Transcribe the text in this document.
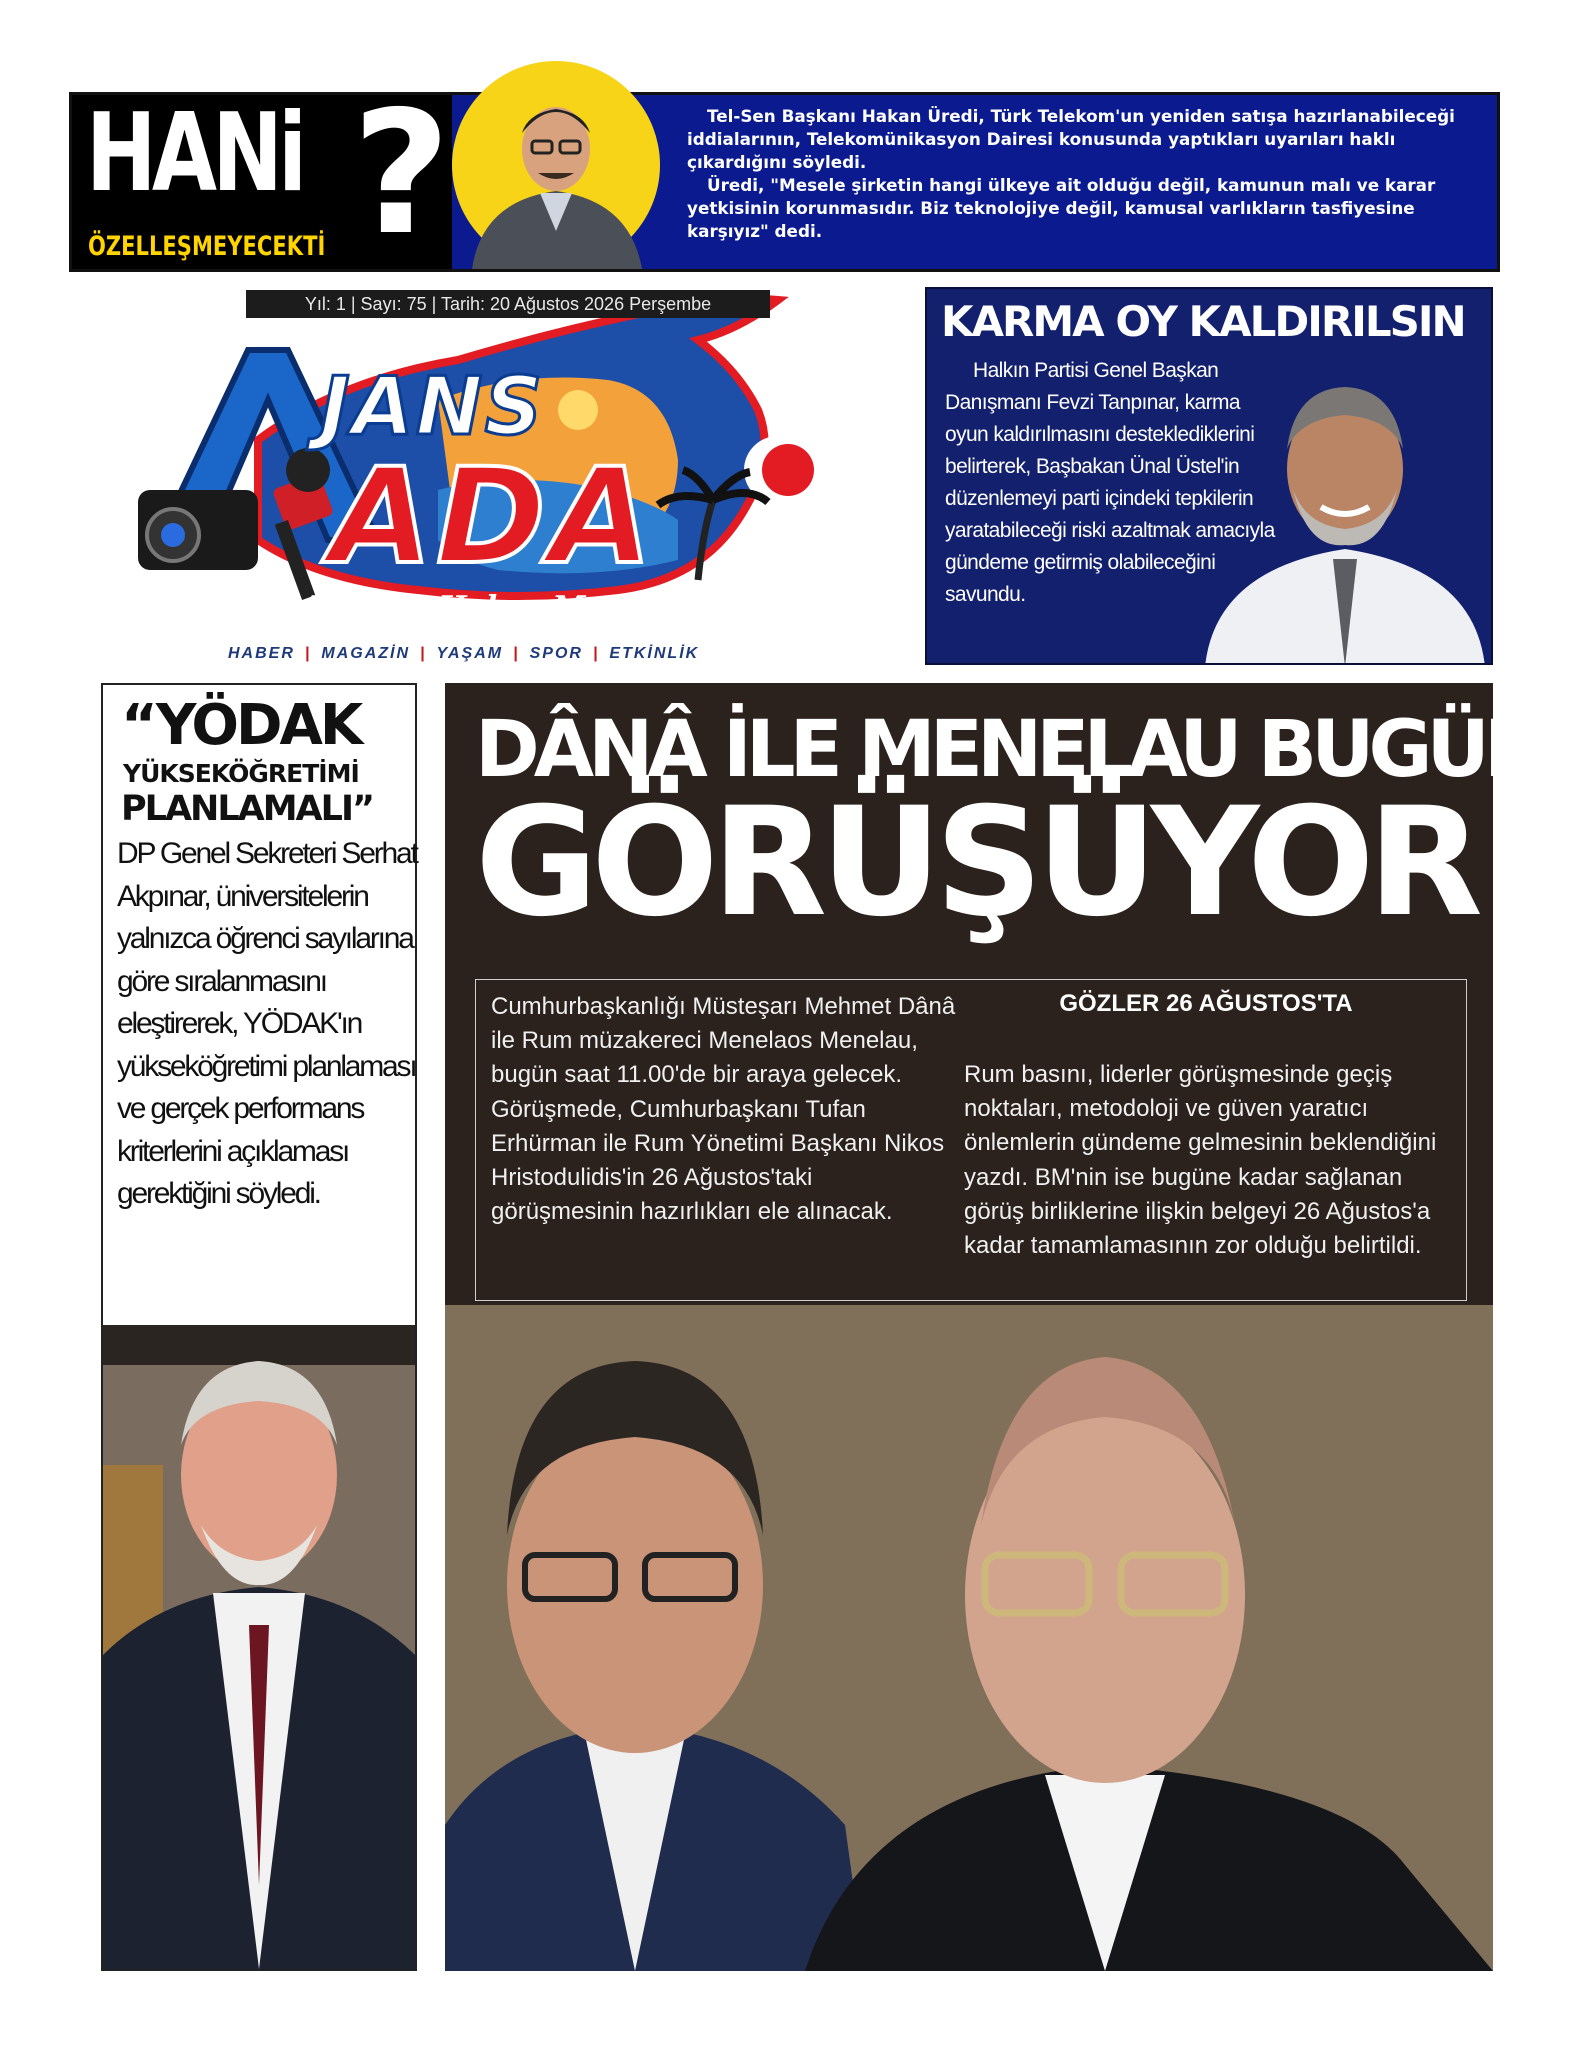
HANi ?
ÖZELLEŞMEYECEKTİ

Tel-Sen Başkanı Hakan Üredi, Türk Telekom'un yeniden satışa hazırlanabileceği iddialarının, Telekomünikasyon Dairesi konusunda yaptıkları uyarıları haklı çıkardığını söyledi.

Üredi, "Mesele şirketin hangi ülkeye ait olduğu değil, kamunun malı ve karar yetkisinin korunmasıdır. Biz teknolojiye değil, kamusal varlıkların tasfiyesine karşıyız" dedi.

Yıl: 1 | Sayı: 75 | Tarih: 20 Ağustos 2026 Perşembe
JANS
ADA
Ada'nın Haber Merkezi
HABER | MAGAZİN | YAŞAM | SPOR | ETKİNLİK
KARMA OY KALDIRILSIN
Halkın Partisi Genel Başkan Danışmanı Fevzi Tanpınar, karma oyun kaldırılmasını desteklediklerini belirterek, Başbakan Ünal Üstel'in düzenlemeyi parti içindeki tepkilerin yaratabileceği riski azaltmak amacıyla gündeme getirmiş olabileceğini savundu.
“YÖDAK
YÜKSEKÖĞRETİMİ
PLANLAMALI”
DP Genel Sekreteri Serhat Akpınar, üniversitelerin yalnızca öğrenci sayılarına göre sıralanmasını eleştirerek, YÖDAK'ın yükseköğretimi planlaması ve gerçek performans kriterlerini açıklaması gerektiğini söyledi.
DÂNÂ İLE MENELAU BUGÜN
GÖRÜŞÜYOR
Cumhurbaşkanlığı Müsteşarı Mehmet Dânâ ile Rum müzakereci Menelaos Menelau, bugün saat 11.00'de bir araya gelecek. Görüşmede, Cumhurbaşkanı Tufan Erhürman ile Rum Yönetimi Başkanı Nikos Hristodulidis'in 26 Ağustos'taki görüşmesinin hazırlıkları ele alınacak.
GÖZLER 26 AĞUSTOS'TA
Rum basını, liderler görüşmesinde geçiş noktaları, metodoloji ve güven yaratıcı önlemlerin gündeme gelmesinin beklendiğini yazdı. BM'nin ise bugüne kadar sağlanan görüş birliklerine ilişkin belgeyi 26 Ağustos'a kadar tamamlamasının zor olduğu belirtildi.
